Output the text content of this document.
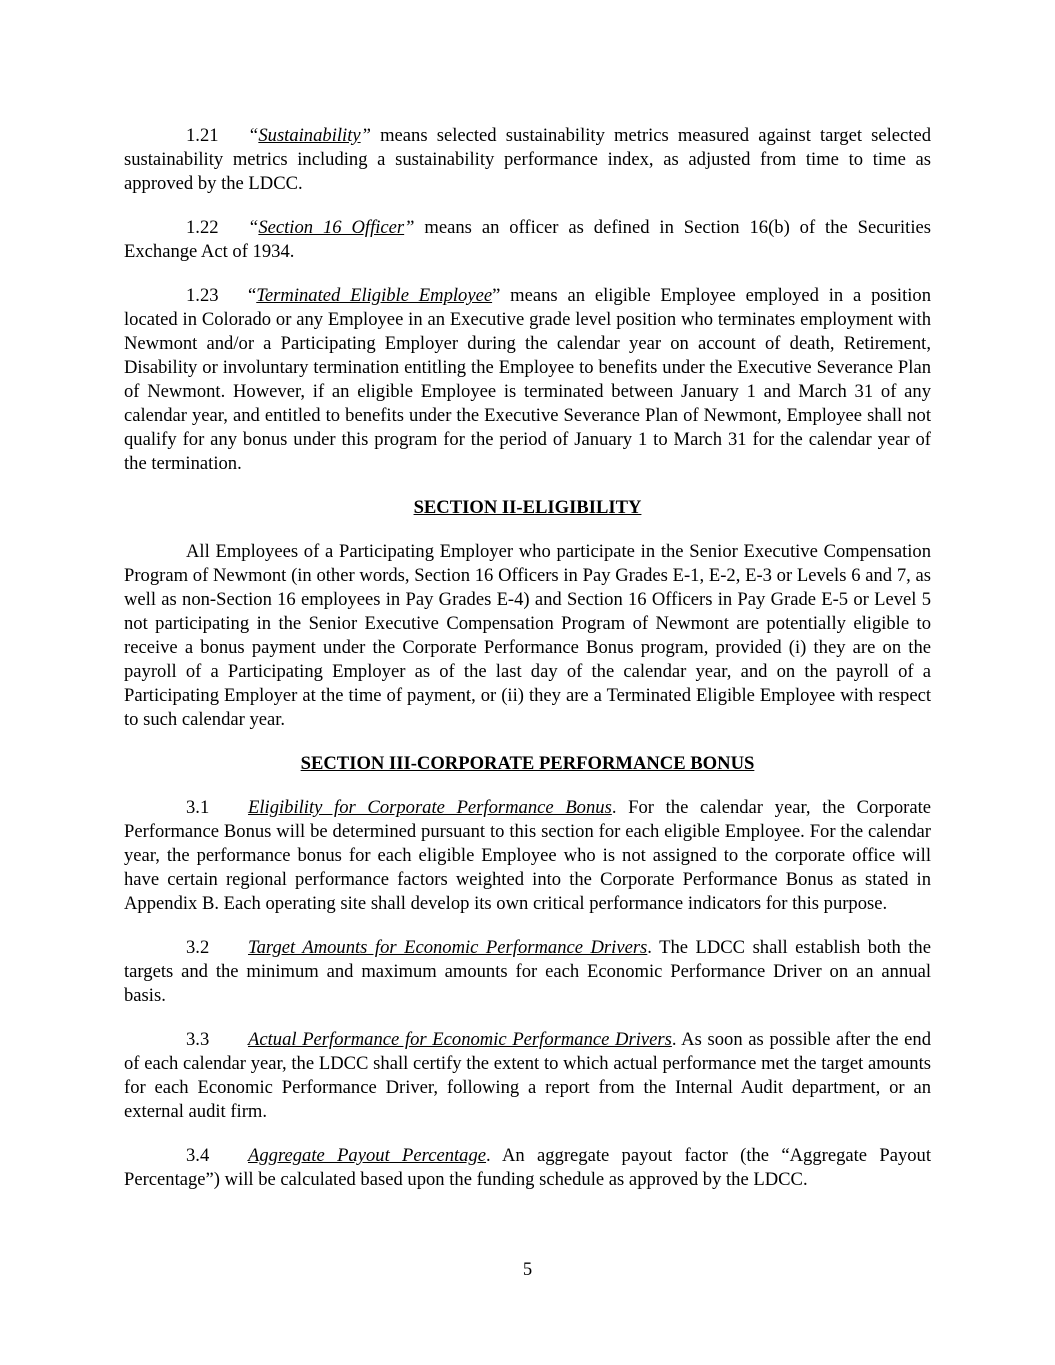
1.21 “Sustainability” means selected sustainability metrics measured against target selected sustainability metrics including a sustainability performance index, as adjusted from time to time as approved by the LDCC.

1.22 “Section 16 Officer” means an officer as defined in Section 16(b) of the Securities Exchange Act of 1934.

1.23 “Terminated Eligible Employee” means an eligible Employee employed in a position located in Colorado or any Employee in an Executive grade level position who terminates employment with Newmont and/or a Participating Employer during the calendar year on account of death, Retirement, Disability or involuntary termination entitling the Employee to benefits under the Executive Severance Plan of Newmont. However, if an eligible Employee is terminated between January 1 and March 31 of any calendar year, and entitled to benefits under the Executive Severance Plan of Newmont, Employee shall not qualify for any bonus under this program for the period of January 1 to March 31 for the calendar year of the termination.

SECTION II-ELIGIBILITY

All Employees of a Participating Employer who participate in the Senior Executive Compensation Program of Newmont (in other words, Section 16 Officers in Pay Grades E-1, E-2, E-3 or Levels 6 and 7, as well as non-Section 16 employees in Pay Grades E-4) and Section 16 Officers in Pay Grade E-5 or Level 5 not participating in the Senior Executive Compensation Program of Newmont are potentially eligible to receive a bonus payment under the Corporate Performance Bonus program, provided (i) they are on the payroll of a Participating Employer as of the last day of the calendar year, and on the payroll of a Participating Employer at the time of payment, or (ii) they are a Terminated Eligible Employee with respect to such calendar year.

SECTION III-CORPORATE PERFORMANCE BONUS

3.1 Eligibility for Corporate Performance Bonus. For the calendar year, the Corporate Performance Bonus will be determined pursuant to this section for each eligible Employee. For the calendar year, the performance bonus for each eligible Employee who is not assigned to the corporate office will have certain regional performance factors weighted into the Corporate Performance Bonus as stated in Appendix B. Each operating site shall develop its own critical performance indicators for this purpose.

3.2 Target Amounts for Economic Performance Drivers. The LDCC shall establish both the targets and the minimum and maximum amounts for each Economic Performance Driver on an annual basis.

3.3 Actual Performance for Economic Performance Drivers. As soon as possible after the end of each calendar year, the LDCC shall certify the extent to which actual performance met the target amounts for each Economic Performance Driver, following a report from the Internal Audit department, or an external audit firm.

3.4 Aggregate Payout Percentage. An aggregate payout factor (the “Aggregate Payout Percentage”) will be calculated based upon the funding schedule as approved by the LDCC.

5
